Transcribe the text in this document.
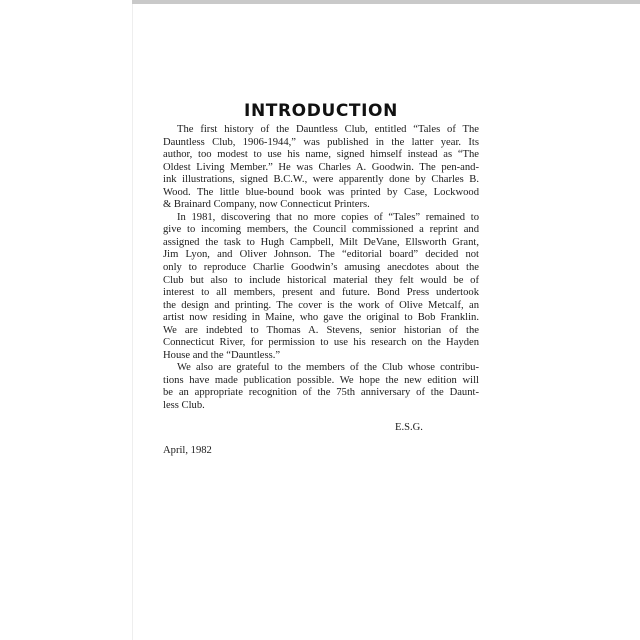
INTRODUCTION

The first history of the Dauntless Club, entitled “Tales of The
Dauntless Club, 1906-1944,” was published in the latter year. Its
author, too modest to use his name, signed himself instead as “The
Oldest Living Member.” He was Charles A. Goodwin. The pen-and-
ink illustrations, signed B.C.W., were apparently done by Charles B.
Wood. The little blue-bound book was printed by Case, Lockwood
& Brainard Company, now Connecticut Printers.

In 1981, discovering that no more copies of “Tales” remained to
give to incoming members, the Council commissioned a reprint and
assigned the task to Hugh Campbell, Milt DeVane, Ellsworth Grant,
Jim Lyon, and Oliver Johnson. The “editorial board” decided not
only to reproduce Charlie Goodwin’s amusing anecdotes about the
Club but also to include historical material they felt would be of
interest to all members, present and future. Bond Press undertook
the design and printing. The cover is the work of Olive Metcalf, an
artist now residing in Maine, who gave the original to Bob Franklin.
We are indebted to Thomas A. Stevens, senior historian of the
Connecticut River, for permission to use his research on the Hayden
House and the “Dauntless.”

We also are grateful to the members of the Club whose contribu-
tions have made publication possible. We hope the new edition will
be an appropriate recognition of the 75th anniversary of the Daunt-
less Club.

E.S.G.
April, 1982
